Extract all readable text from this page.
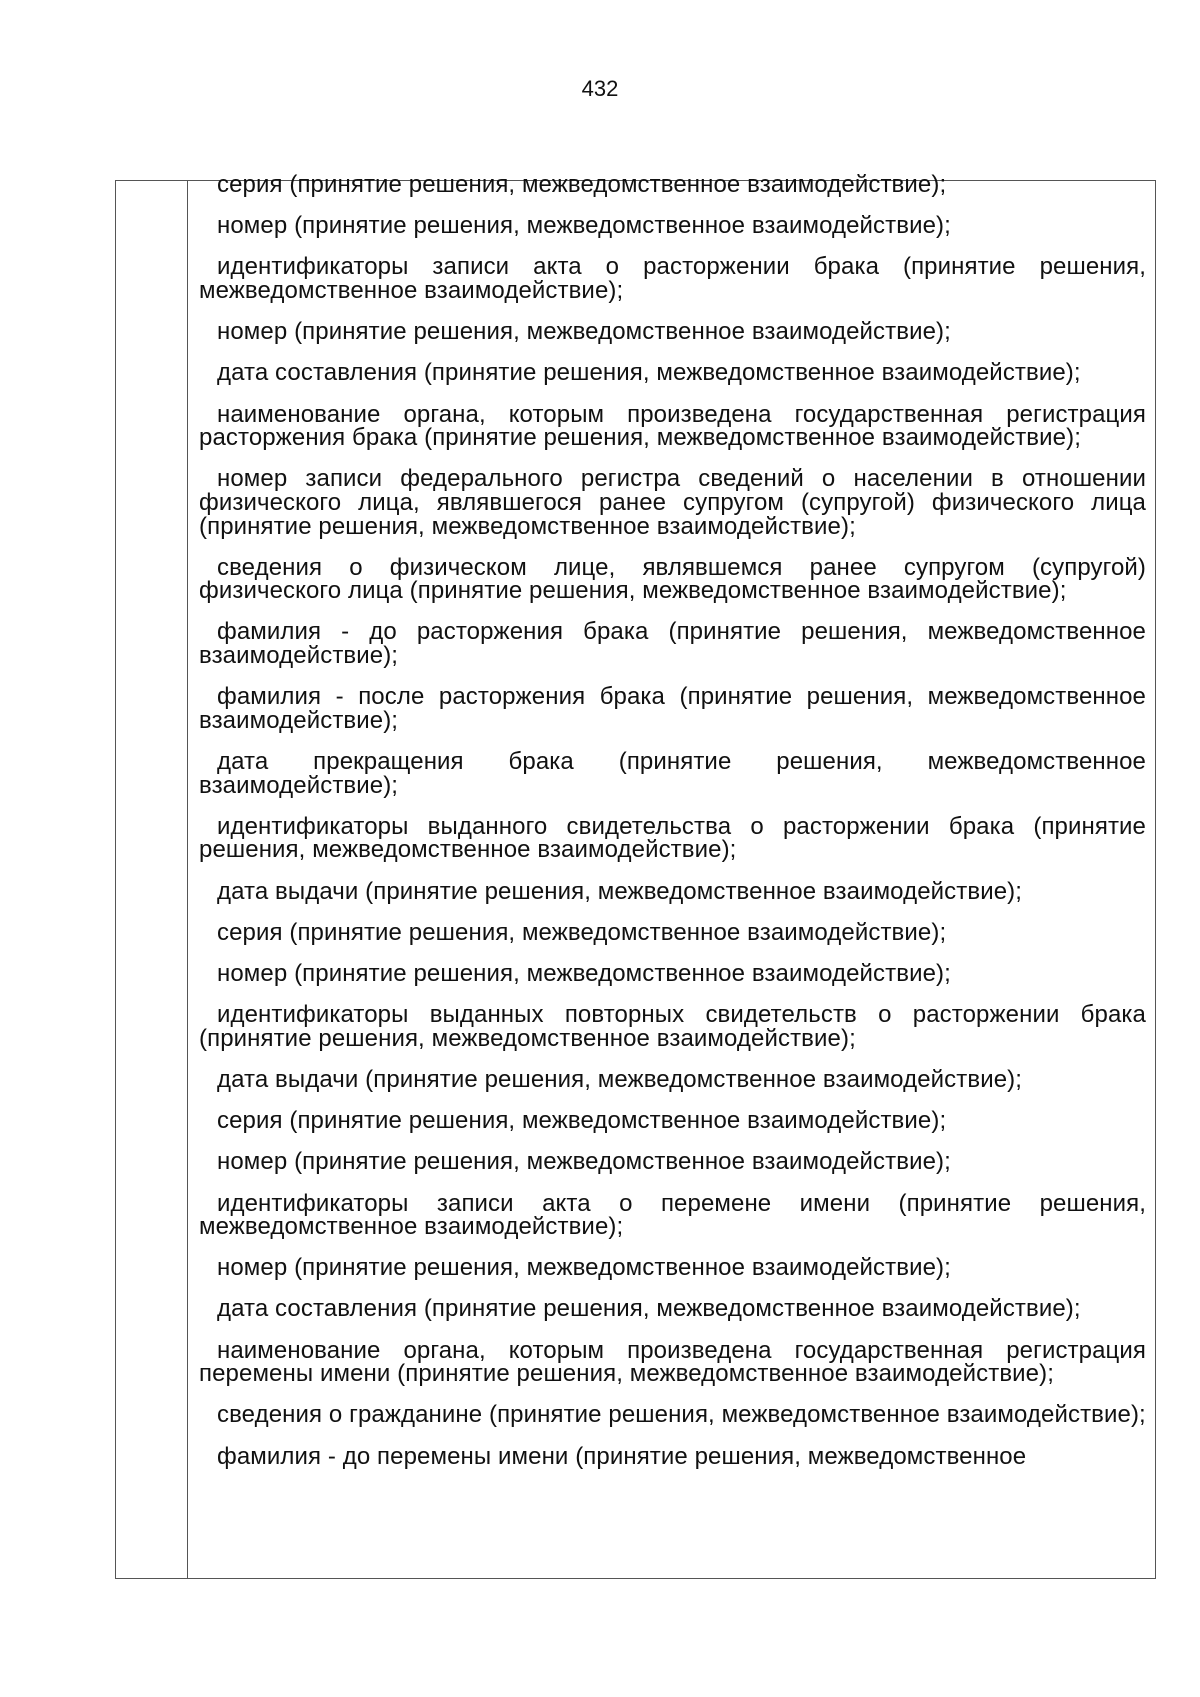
432

серия (принятие решения, межведомственное взаимодействие);

номер (принятие решения, межведомственное взаимодействие);

идентификаторы записи акта о расторжении брака (принятие решения, межведомственное взаимодействие);

номер (принятие решения, межведомственное взаимодействие);

дата составления (принятие решения, межведомственное взаимодействие);

наименование органа, которым произведена государственная регистрация расторжения брака (принятие решения, межведомственное взаимодействие);

номер записи федерального регистра сведений о населении в отношении физического лица, являвшегося ранее супругом (супругой) физического лица (принятие решения, межведомственное взаимодействие);

сведения о физическом лице, являвшемся ранее супругом (супругой) физического лица (принятие решения, межведомственное взаимодействие);

фамилия - до расторжения брака (принятие решения, межведомственное взаимодействие);

фамилия - после расторжения брака (принятие решения, межведомственное взаимодействие);

дата прекращения брака (принятие решения, межведомственное взаимодействие);

идентификаторы выданного свидетельства о расторжении брака (принятие решения, межведомственное взаимодействие);

дата выдачи (принятие решения, межведомственное взаимодействие);

серия (принятие решения, межведомственное взаимодействие);

номер (принятие решения, межведомственное взаимодействие);

идентификаторы выданных повторных свидетельств о расторжении брака (принятие решения, межведомственное взаимодействие);

дата выдачи (принятие решения, межведомственное взаимодействие);

серия (принятие решения, межведомственное взаимодействие);

номер (принятие решения, межведомственное взаимодействие);

идентификаторы записи акта о перемене имени (принятие решения, межведомственное взаимодействие);

номер (принятие решения, межведомственное взаимодействие);

дата составления (принятие решения, межведомственное взаимодействие);

наименование органа, которым произведена государственная регистрация перемены имени (принятие решения, межведомственное взаимодействие);

сведения о гражданине (принятие решения, межведомственное взаимодействие);

фамилия - до перемены имени (принятие решения, межведомственное
